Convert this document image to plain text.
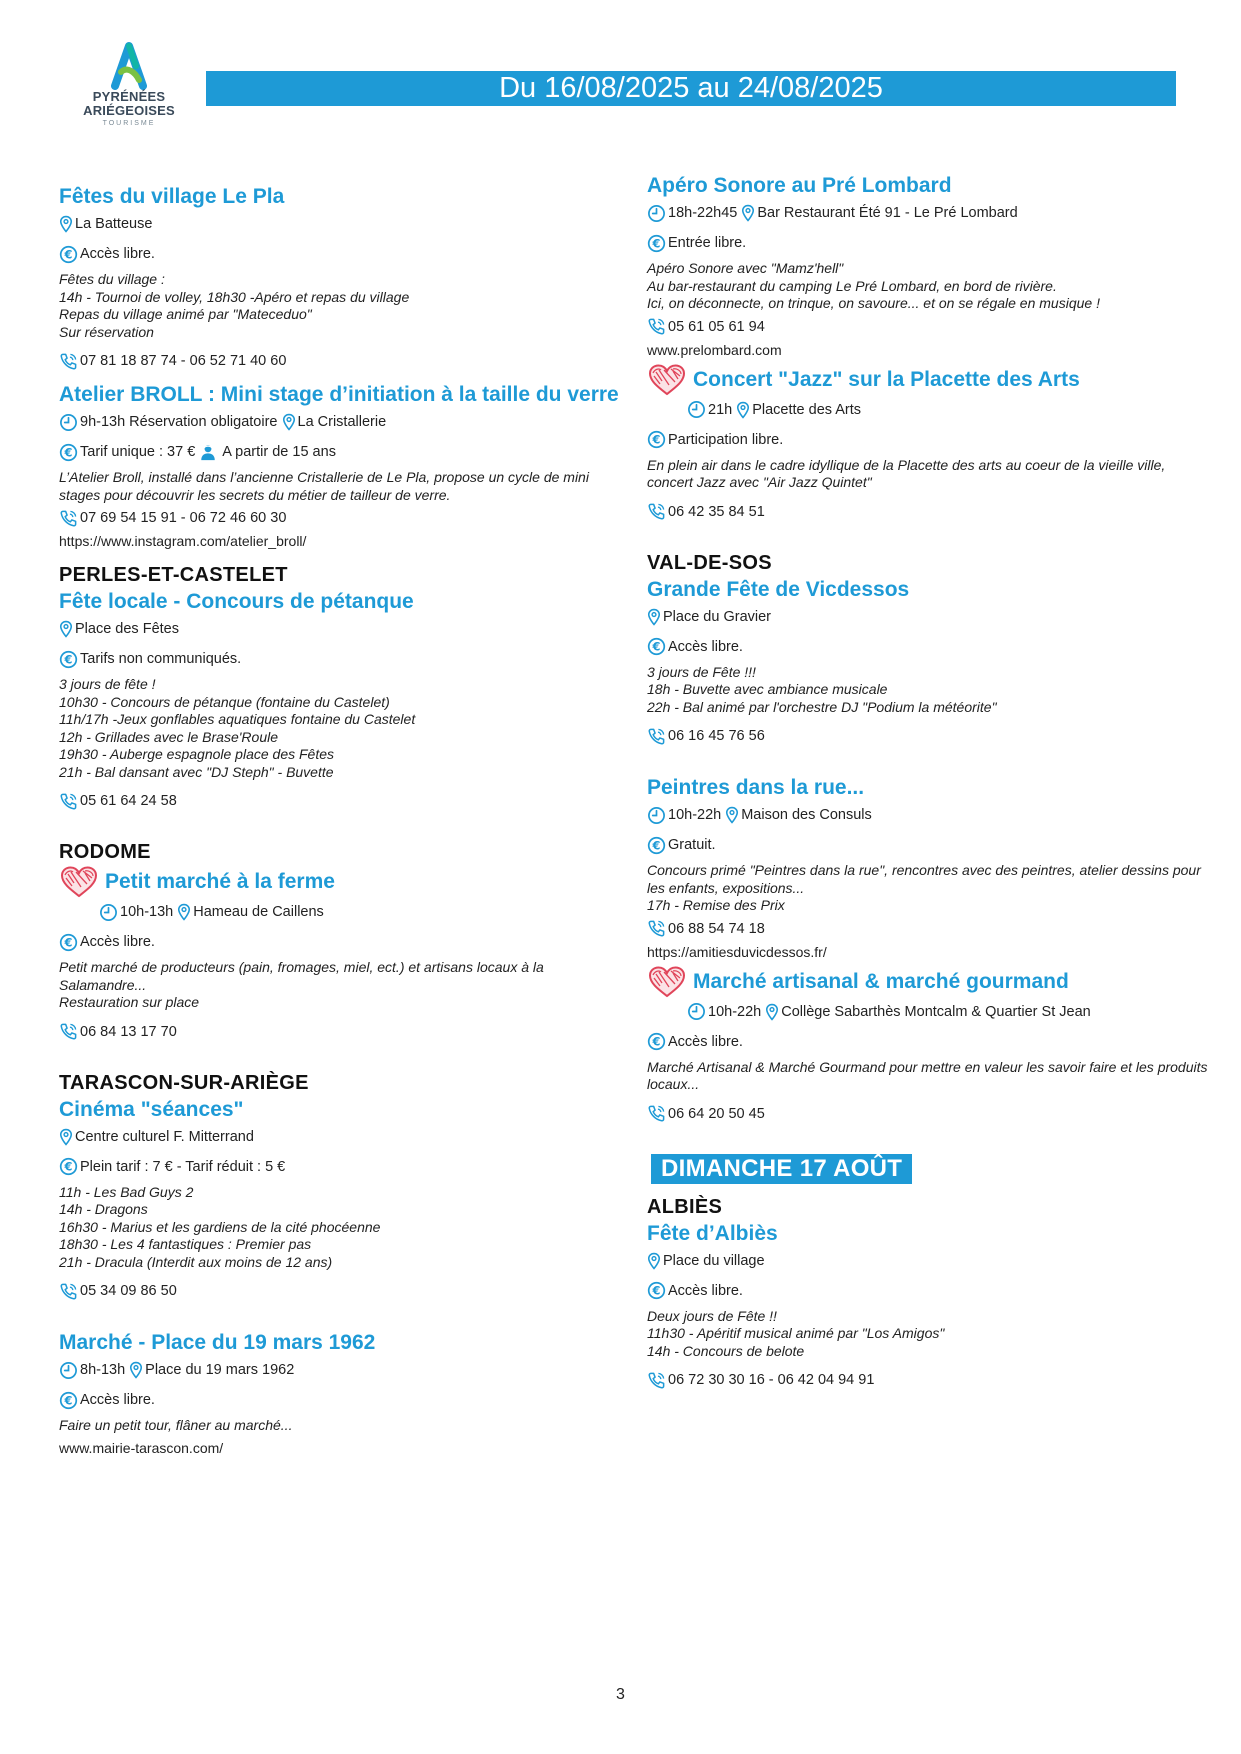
PYRÉNÉES
ARIÉGEOISES
TOURISME
Du 16/08/2025 au 24/08/2025
Fêtes du village Le Pla
La Batteuse
Accès libre.
Fêtes du village :
14h - Tournoi de volley, 18h30 -Apéro et repas du village
Repas du village animé par "Mateceduo"
Sur réservation
07 81 18 87 74 - 06 52 71 40 60
Atelier BROLL : Mini stage d’initiation à la taille du verre
9h-13h Réservation obligatoire La Cristallerie
Tarif unique : 37 € A partir de 15 ans
L’Atelier Broll, installé dans l’ancienne Cristallerie de Le Pla, propose un cycle de mini
stages pour découvrir les secrets du métier de tailleur de verre.
07 69 54 15 91 - 06 72 46 60 30
https://www.instagram.com/atelier_broll/
PERLES-ET-CASTELET
Fête locale - Concours de pétanque
Place des Fêtes
Tarifs non communiqués.
3 jours de fête !
10h30 - Concours de pétanque (fontaine du Castelet)
11h/17h -Jeux gonflables aquatiques fontaine du Castelet
12h - Grillades avec le Brase'Roule
19h30 - Auberge espagnole place des Fêtes
21h - Bal dansant avec "DJ Steph" - Buvette
05 61 64 24 58
RODOME
Petit marché à la ferme
10h-13h Hameau de Caillens
Accès libre.
Petit marché de producteurs (pain, fromages, miel, ect.) et artisans locaux à la
Salamandre...
Restauration sur place
06 84 13 17 70
TARASCON-SUR-ARIÈGE
Cinéma "séances"
Centre culturel F. Mitterrand
Plein tarif : 7 € - Tarif réduit : 5 €
11h - Les Bad Guys 2
14h - Dragons
16h30 - Marius et les gardiens de la cité phocéenne
18h30 - Les 4 fantastiques : Premier pas
21h - Dracula (Interdit aux moins de 12 ans)
05 34 09 86 50
Marché - Place du 19 mars 1962
8h-13h Place du 19 mars 1962
Accès libre.
Faire un petit tour, flâner au marché...
www.mairie-tarascon.com/
Apéro Sonore au Pré Lombard
18h-22h45 Bar Restaurant Été 91 - Le Pré Lombard
Entrée libre.
Apéro Sonore avec "Mamz'hell"
Au bar-restaurant du camping Le Pré Lombard, en bord de rivière.
Ici, on déconnecte, on trinque, on savoure... et on se régale en musique !
05 61 05 61 94
www.prelombard.com
Concert "Jazz" sur la Placette des Arts
21h Placette des Arts
Participation libre.
En plein air dans le cadre idyllique de la Placette des arts au coeur de la vieille ville,
concert Jazz avec "Air Jazz Quintet"
06 42 35 84 51
VAL-DE-SOS
Grande Fête de Vicdessos
Place du Gravier
Accès libre.
3 jours de Fête !!!
18h - Buvette avec ambiance musicale
22h - Bal animé par l'orchestre DJ "Podium la météorite"
06 16 45 76 56
Peintres dans la rue...
10h-22h Maison des Consuls
Gratuit.
Concours primé "Peintres dans la rue", rencontres avec des peintres, atelier dessins pour
les enfants, expositions...
17h - Remise des Prix
06 88 54 74 18
https://amitiesduvicdessos.fr/
Marché artisanal & marché gourmand
10h-22h Collège Sabarthès Montcalm & Quartier St Jean
Accès libre.
Marché Artisanal & Marché Gourmand pour mettre en valeur les savoir faire et les produits
locaux...
06 64 20 50 45
DIMANCHE 17 AOÛT
ALBIÈS
Fête d’Albiès
Place du village
Accès libre.
Deux jours de Fête !!
11h30 - Apéritif musical animé par "Los Amigos"
14h - Concours de belote
06 72 30 30 16 - 06 42 04 94 91
3
